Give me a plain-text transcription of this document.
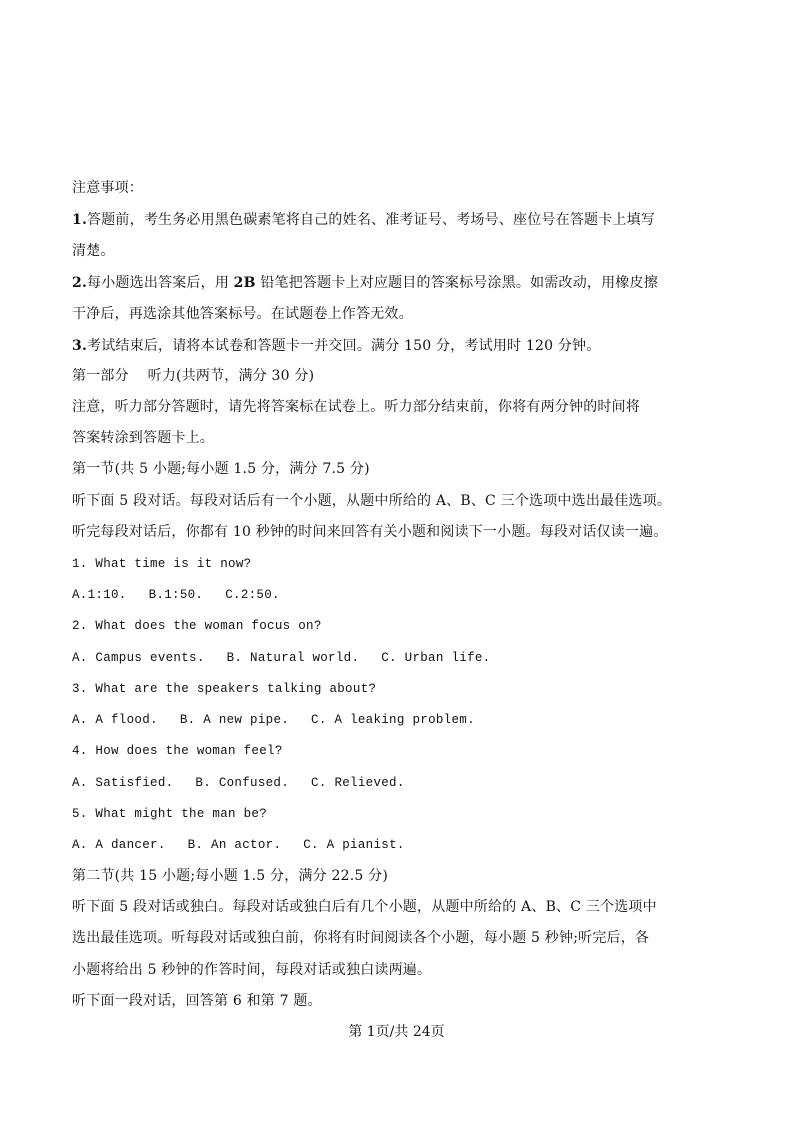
注意事项：
1.答题前，考生务必用黑色碳素笔将自己的姓名、准考证号、考场号、座位号在答题卡上填写
清楚。
2.每小题选出答案后，用 2B 铅笔把答题卡上对应题目的答案标号涂黑。如需改动，用橡皮擦
干净后，再选涂其他答案标号。在试题卷上作答无效。
3.考试结束后，请将本试卷和答题卡一并交回。满分 150 分，考试用时 120 分钟。
第一部分　 听力(共两节，满分 30 分)
注意，听力部分答题时，请先将答案标在试卷上。听力部分结束前，你将有两分钟的时间将
答案转涂到答题卡上。
第一节(共 5 小题;每小题 1.5 分，满分 7.5 分)
听下面 5 段对话。每段对话后有一个小题，从题中所给的 A、B、C 三个选项中选出最佳选项。
听完每段对话后，你都有 10 秒钟的时间来回答有关小题和阅读下一小题。每段对话仅读一遍。
1. What time is it now?
A.1:10. B.1:50. C.2:50.
2. What does the woman focus on?
A. Campus events. B. Natural world. C. Urban life.
3. What are the speakers talking about?
A. A flood. B. A new pipe. C. A leaking problem.
4. How does the woman feel?
A. Satisfied. B. Confused. C. Relieved.
5. What might the man be?
A. A dancer. B. An actor. C. A pianist.
第二节(共 15 小题;每小题 1.5 分，满分 22.5 分)
听下面 5 段对话或独白。每段对话或独白后有几个小题，从题中所给的 A、B、C 三个选项中
选出最佳选项。听每段对话或独白前，你将有时间阅读各个小题，每小题 5 秒钟;听完后，各
小题将给出 5 秒钟的作答时间，每段对话或独白读两遍。
听下面一段对话，回答第 6 和第 7 题。
第 1页/共 24页
